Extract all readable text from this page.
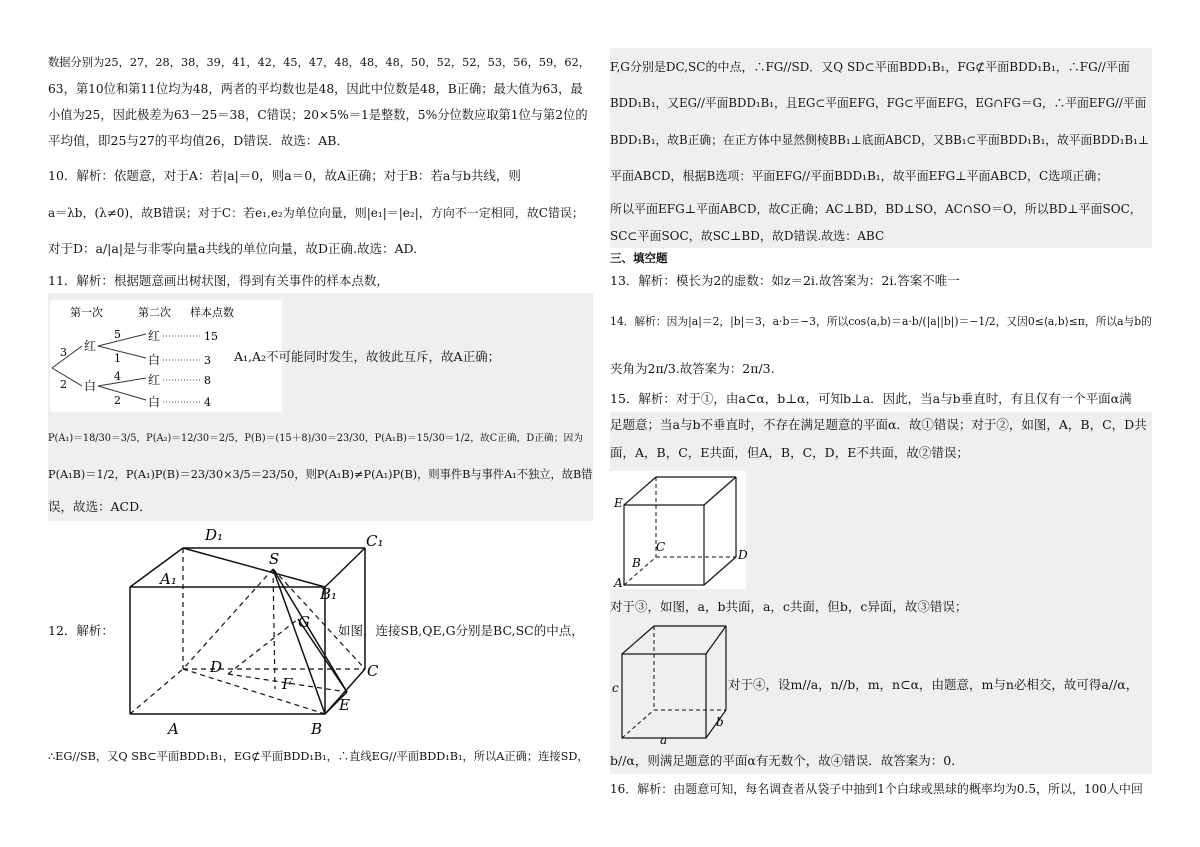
数据分别为25，27，28，38，39，41，42，45，47，48，48，48，50，52，52，53，56，59，62，
63，第10位和第11位均为48，两者的平均数也是48，因此中位数是48，B正确；最大值为63，最
小值为25，因此极差为63－25＝38，C错误；20×5%＝1是整数，5%分位数应取第1位与第2位的
平均值，即25与27的平均值26，D错误．故选：AB．
10．解析：依题意，对于A：若|a|＝0，则a＝0，故A正确；对于B：若a与b共线，则
a＝λb，(λ≠0)，故B错误；对于C：若e₁,e₂为单位向量，则|e₁|＝|e₂|，方向不一定相同，故C错误；
对于D：a/|a|是与非零向量a共线的单位向量，故D正确.故选：AD.
11．解析：根据题意画出树状图，得到有关事件的样本点数，
第一次	第二次 样本点数
3
2
红
白
5
1
4
2
红
白
红
白
15
3
8
4
A₁,A₂不可能同时发生，故彼此互斥，故A正确；
P(A₁)＝18/30＝3/5，P(A₂)＝12/30＝2/5，P(B)＝(15＋8)/30＝23/30，P(A₁B)＝15/30＝1/2，故C正确，D正确；因为
P(A₁B)＝1/2，P(A₁)P(B)＝23/30×3/5＝23/50，则P(A₁B)≠P(A₁)P(B)，则事件B与事件A₁不独立，故B错
误，故选：ACD．
12．解析：
D₁	C₁
A₁
B₁
S
G
D
F
C
A	B
E
如图，连接SB,QE,G分别是BC,SC的中点，
∴EG//SB，又Q SB⊂平面BDD₁B₁，EG⊄平面BDD₁B₁，∴直线EG//平面BDD₁B₁，所以A正确；连接SD，
F,G分别是DC,SC的中点，∴FG//SD．又Q SD⊂平面BDD₁B₁，FG⊄平面BDD₁B₁，∴FG//平面
BDD₁B₁，又EG//平面BDD₁B₁，且EG⊂平面EFG，FG⊂平面EFG，EG∩FG＝G，∴平面EFG//平面
BDD₁B₁，故B正确；在正方体中显然侧棱BB₁⊥底面ABCD，又BB₁⊂平面BDD₁B₁，故平面BDD₁B₁⊥
平面ABCD，根据B选项：平面EFG//平面BDD₁B₁，故平面EFG⊥平面ABCD，C选项正确；
所以平面EFG⊥平面ABCD，故C正确；AC⊥BD，BD⊥SO，AC∩SO＝O，所以BD⊥平面SOC，
SC⊂平面SOC，故SC⊥BD，故D错误.故选：ABC
三、填空题
13．解析：模长为2的虚数：如z＝2i.故答案为：2i.答案不唯一
14．解析：因为|a|＝2，|b|＝3，a·b＝−3，所以cos⟨a,b⟩＝a·b/(|a||b|)＝−1/2，又因0≤⟨a,b⟩≤π，所以a与b的
夹角为2π/3.故答案为：2π/3.
15．解析：对于①，由a⊂α，b⊥α，可知b⊥a．因此，当a与b垂直时，有且仅有一个平面α满
足题意；当a与b不垂直时，不存在满足题意的平面α．故①错误；对于②，如图，A，B，C，D共
面，A，B，C，E共面，但A，B，C，D，E不共面，故②错误；
E
C
B
A
D
对于③，如图，a，b共面，a，c共面，但b，c异面，故③错误；
c
b
a
对于④，设m//a，n//b，m，n⊂α，由题意，m与n必相交，故可得a//α，
b//α，则满足题意的平面α有无数个，故④错误．故答案为：0．
16．解析：由题意可知，每名调查者从袋子中抽到1个白球或黑球的概率均为0.5，所以，100人中回
